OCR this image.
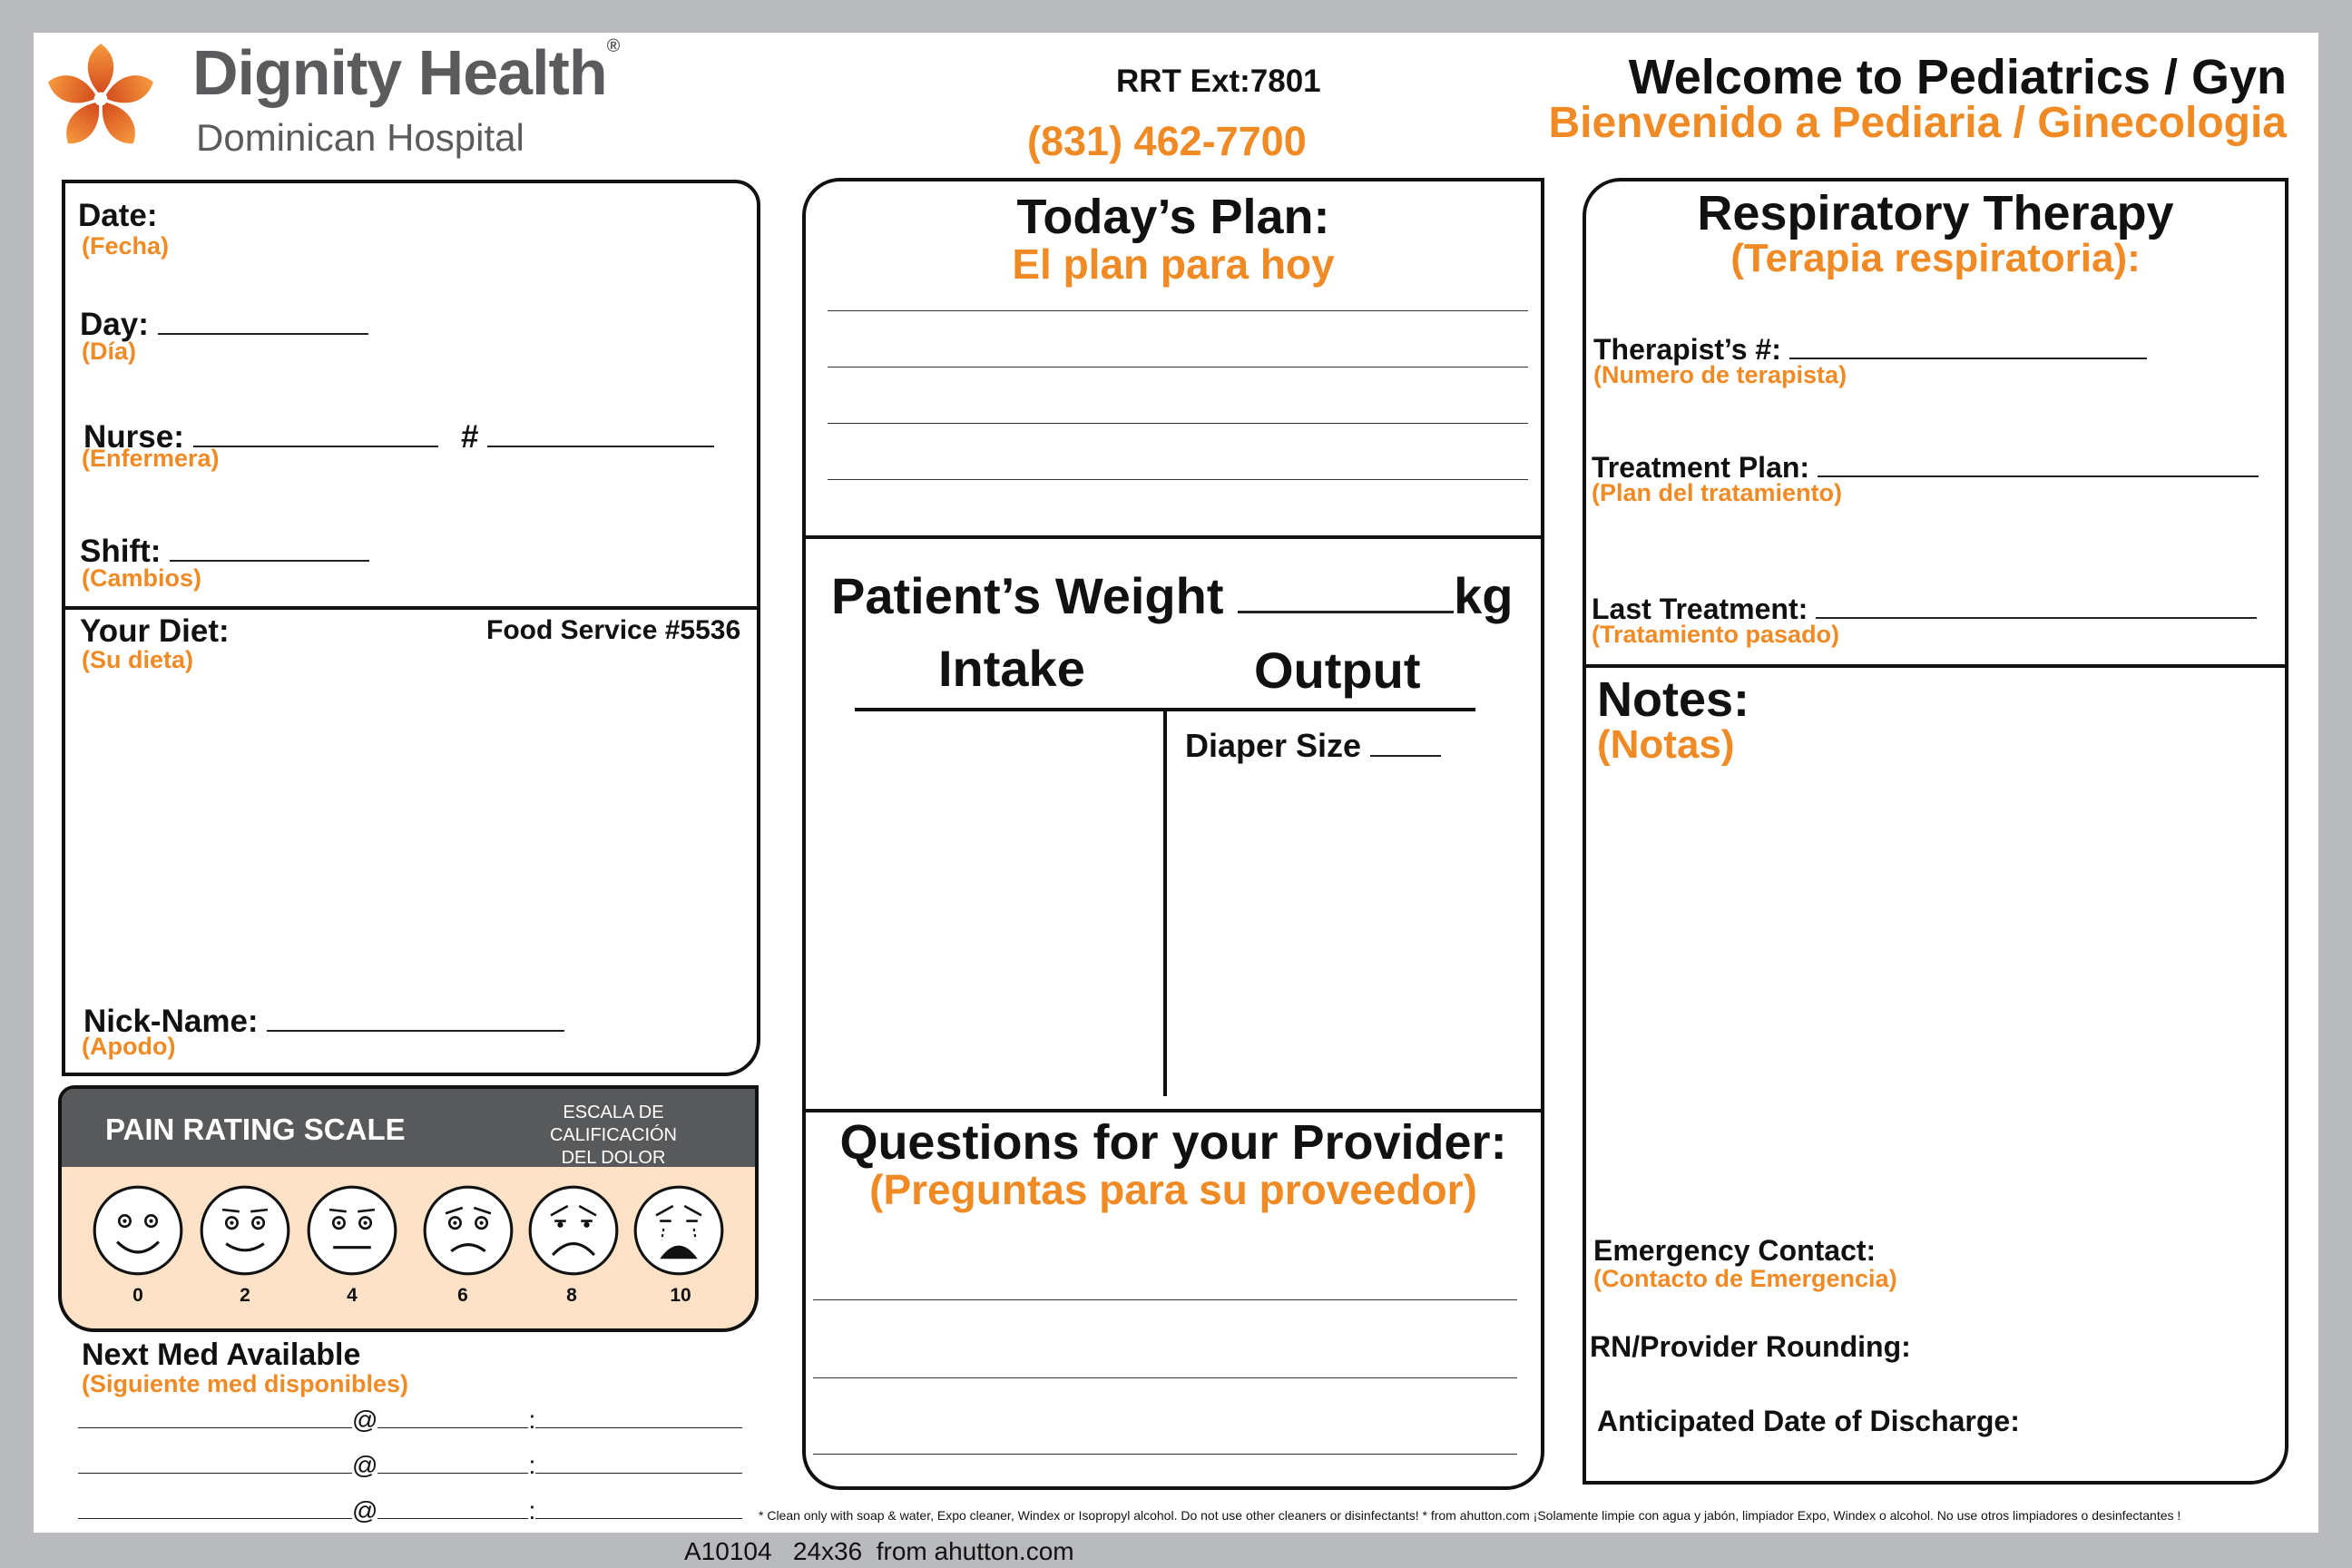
Dignity Health®
Dominican Hospital
RRT Ext:7801
(831) 462-7700
Welcome to Pediatrics / Gyn
Bienvenido a Pediaria / Ginecologia
Date:
(Fecha)
Day:
(Día)
Nurse:	#
(Enfermera)
Shift:
(Cambios)
Your Diet:
(Su dieta)
Food Service #5536
Nick-Name:
(Apodo)
PAIN RATING SCALE	ESCALA DE CALIFICACIÓN
DEL DOLOR
0	2	4	6	8	10
Next Med Available
(Siguiente med disponibles)
@	:
@	:
@	:
Today’s Plan:
El plan para hoy
Patient’s Weight	kg
Intake	Output
Diaper Size
Questions for your Provider:
(Preguntas para su proveedor)
Respiratory Therapy
(Terapia respiratoria):
Therapist’s #:
(Numero de terapista)
Treatment Plan:
(Plan del tratamiento)
Last Treatment:
(Tratamiento pasado)
Notes:
(Notas)
Emergency Contact:
(Contacto de Emergencia)
RN/Provider Rounding:
Anticipated Date of Discharge:
* Clean only with soap & water, Expo cleaner, Windex or Isopropyl alcohol. Do not use other cleaners or disinfectants! * from ahutton.com ¡Solamente limpie con agua y jabón, limpiador Expo, Windex o alcohol. No use otros limpiadores o desinfectantes !
A10104   24x36  from ahutton.com
